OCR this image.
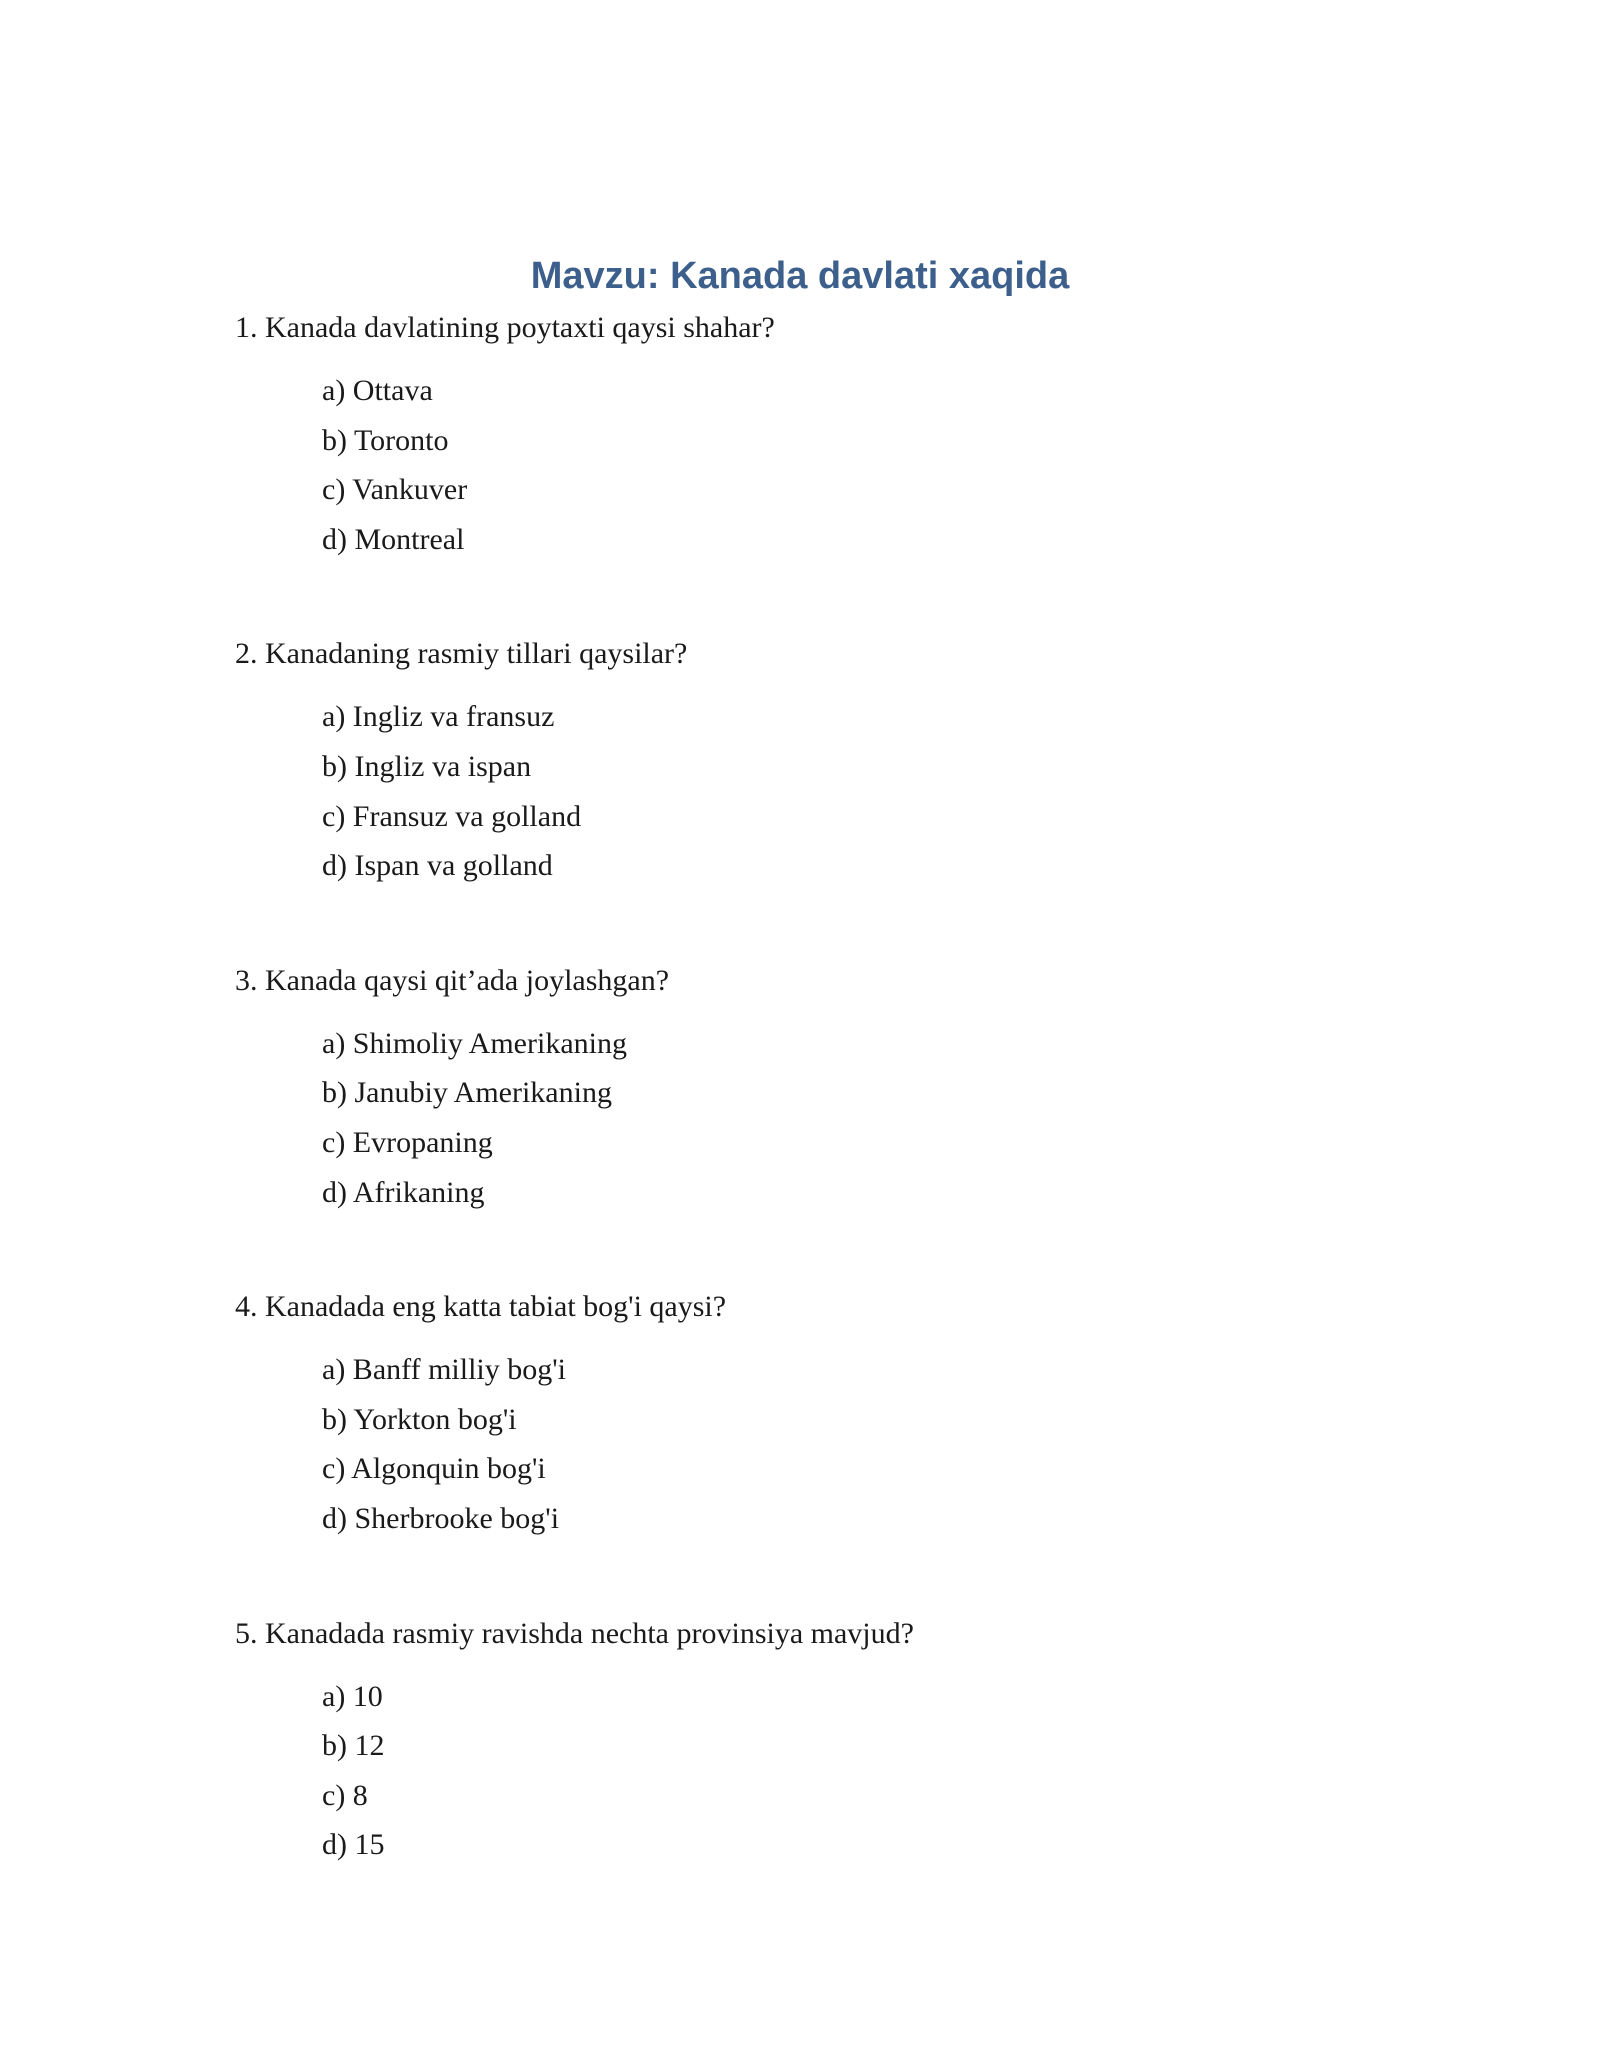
Mavzu: Kanada davlati xaqida

1. Kanada davlatining poytaxti qaysi shahar?

a) Ottava
b) Toronto
c) Vankuver
d) Montreal

2. Kanadaning rasmiy tillari qaysilar?

a) Ingliz va fransuz
b) Ingliz va ispan
c) Fransuz va golland
d) Ispan va golland

3. Kanada qaysi qit’ada joylashgan?

a) Shimoliy Amerikaning
b) Janubiy Amerikaning
c) Evropaning
d) Afrikaning

4. Kanadada eng katta tabiat bog'i qaysi?

a) Banff milliy bog'i
b) Yorkton bog'i
c) Algonquin bog'i
d) Sherbrooke bog'i

5. Kanadada rasmiy ravishda nechta provinsiya mavjud?

a) 10
b) 12
c) 8
d) 15
